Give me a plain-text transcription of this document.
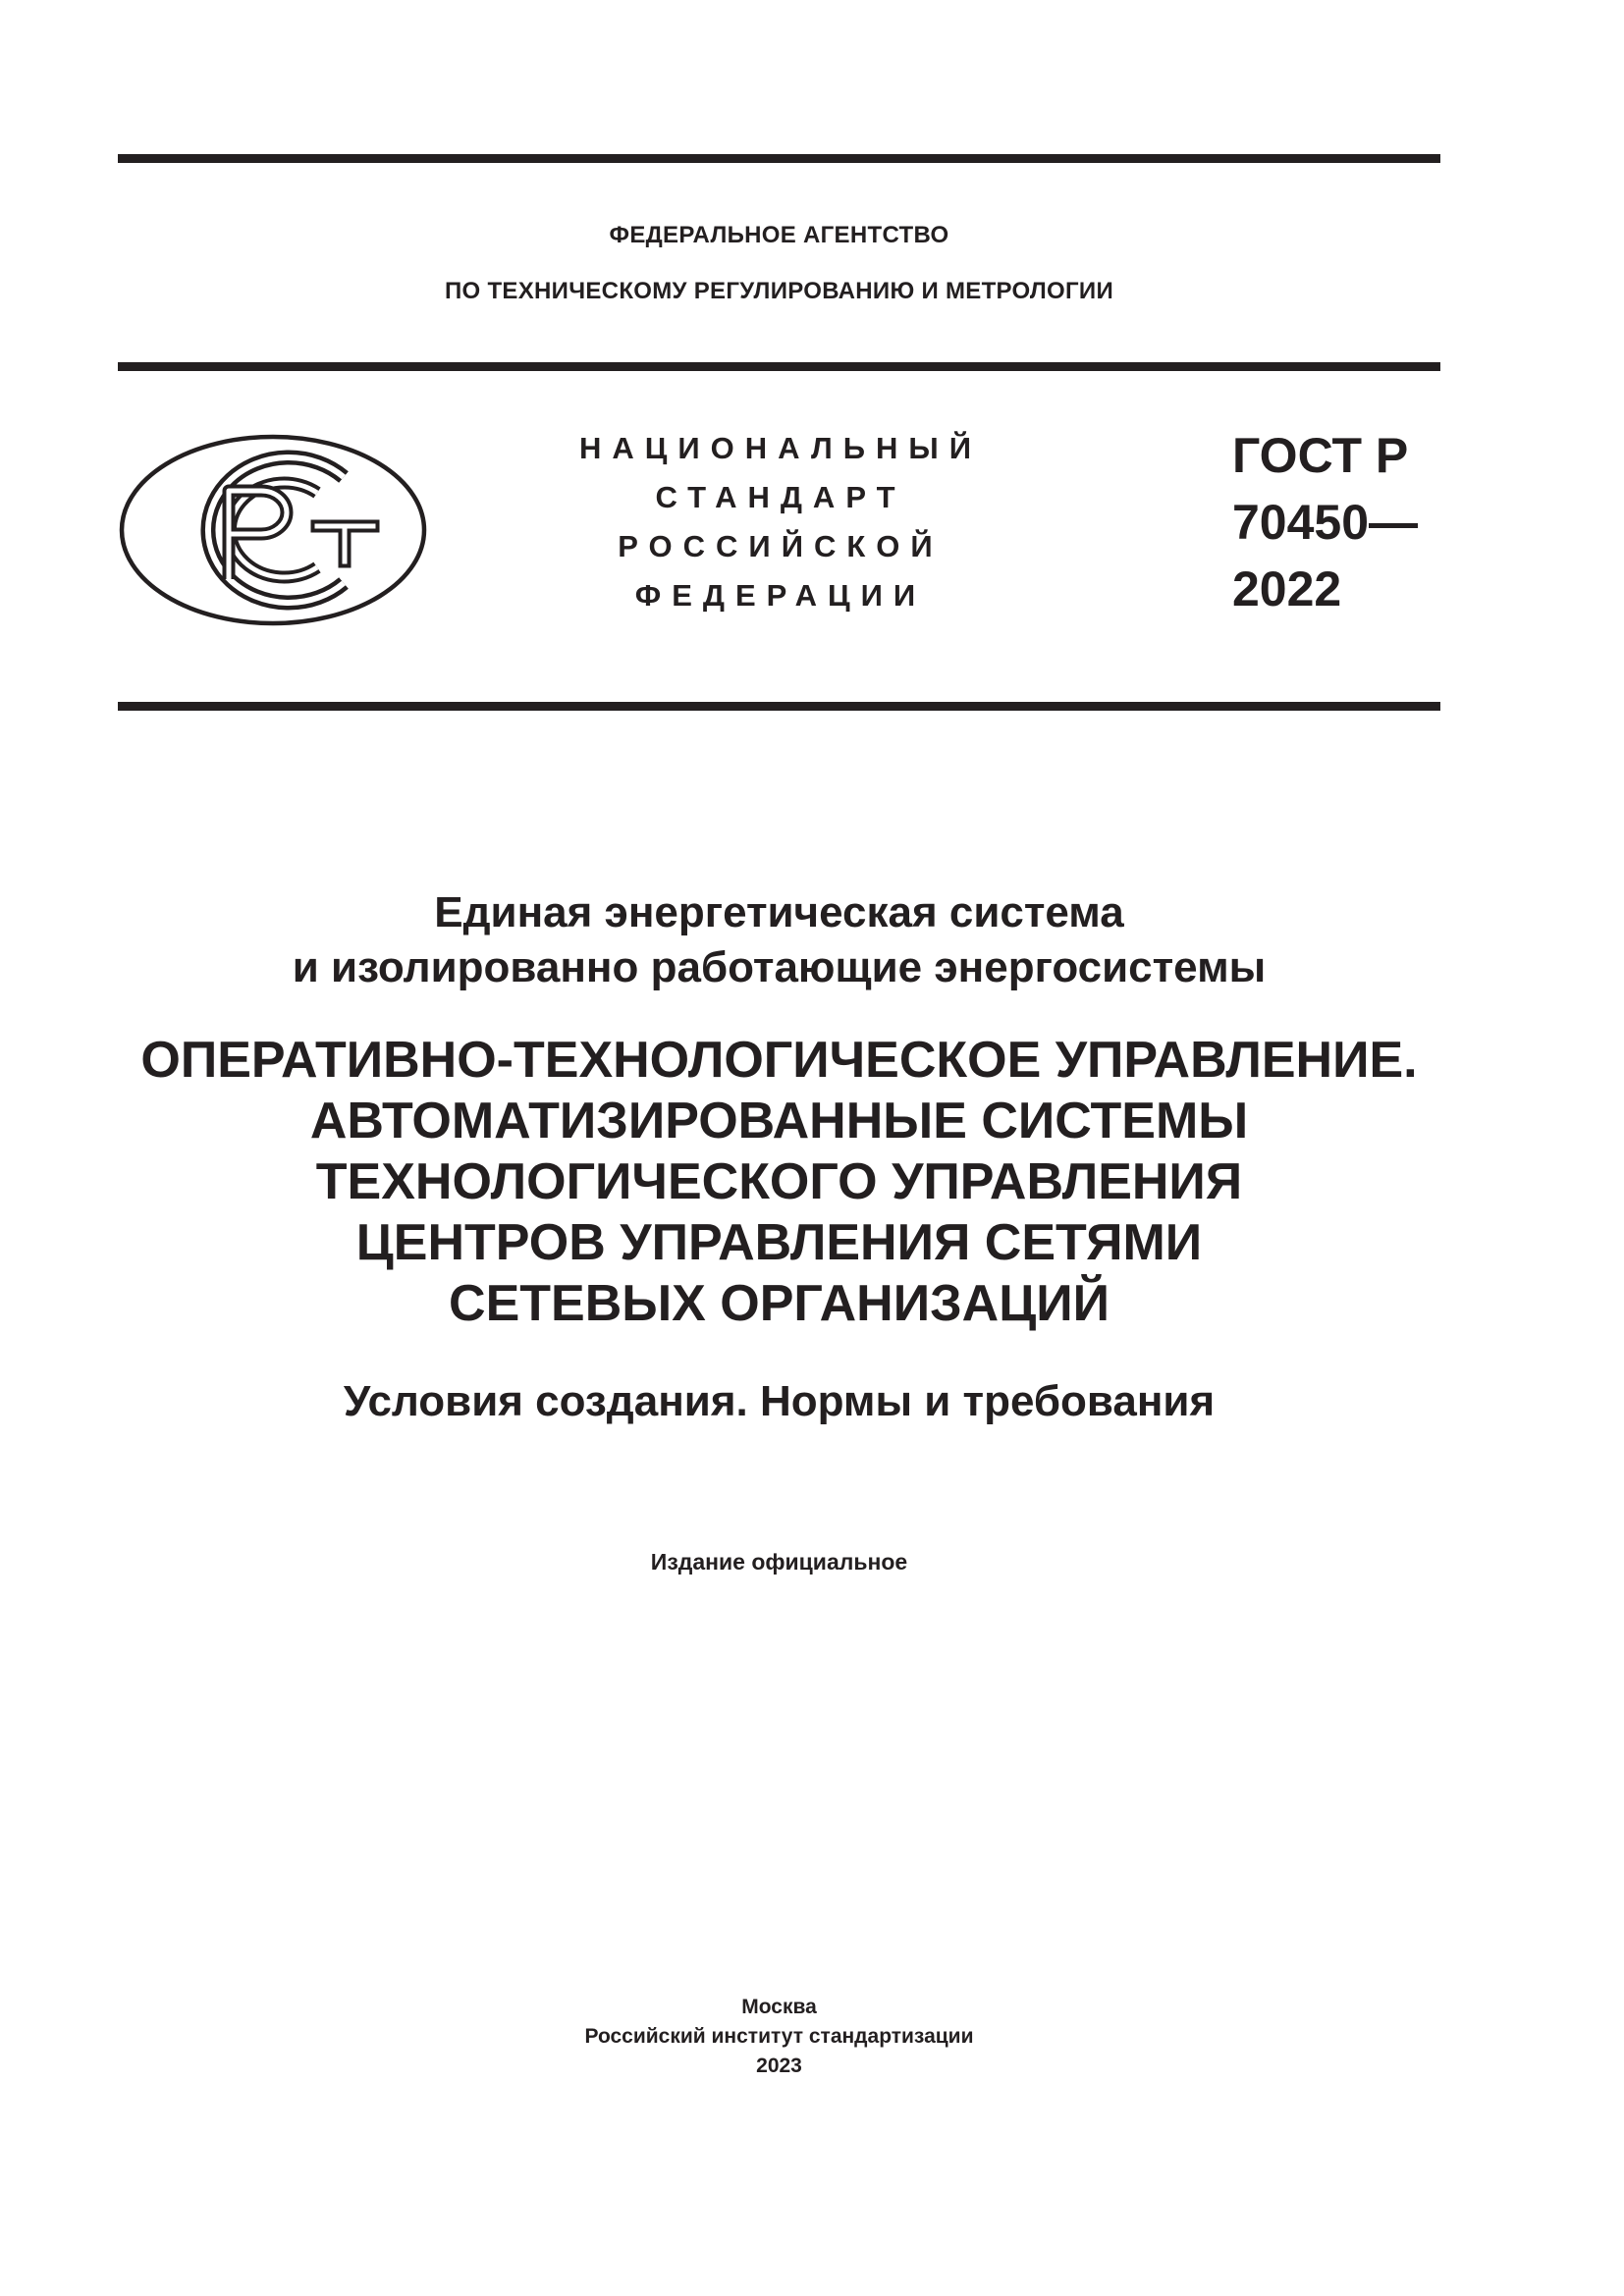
ФЕДЕРАЛЬНОЕ АГЕНТСТВО
ПО ТЕХНИЧЕСКОМУ РЕГУЛИРОВАНИЮ И МЕТРОЛОГИИ
НАЦИОНАЛЬНЫЙ
СТАНДАРТ
РОССИЙСКОЙ
ФЕДЕРАЦИИ
ГОСТ Р
70450—
2022
Единая энергетическая система
и изолированно работающие энергосистемы
ОПЕРАТИВНО-ТЕХНОЛОГИЧЕСКОЕ УПРАВЛЕНИЕ.
АВТОМАТИЗИРОВАННЫЕ СИСТЕМЫ
ТЕХНОЛОГИЧЕСКОГО УПРАВЛЕНИЯ
ЦЕНТРОВ УПРАВЛЕНИЯ СЕТЯМИ
СЕТЕВЫХ ОРГАНИЗАЦИЙ
Условия создания. Нормы и требования
Издание официальное
Москва
Российский институт стандартизации
2023
